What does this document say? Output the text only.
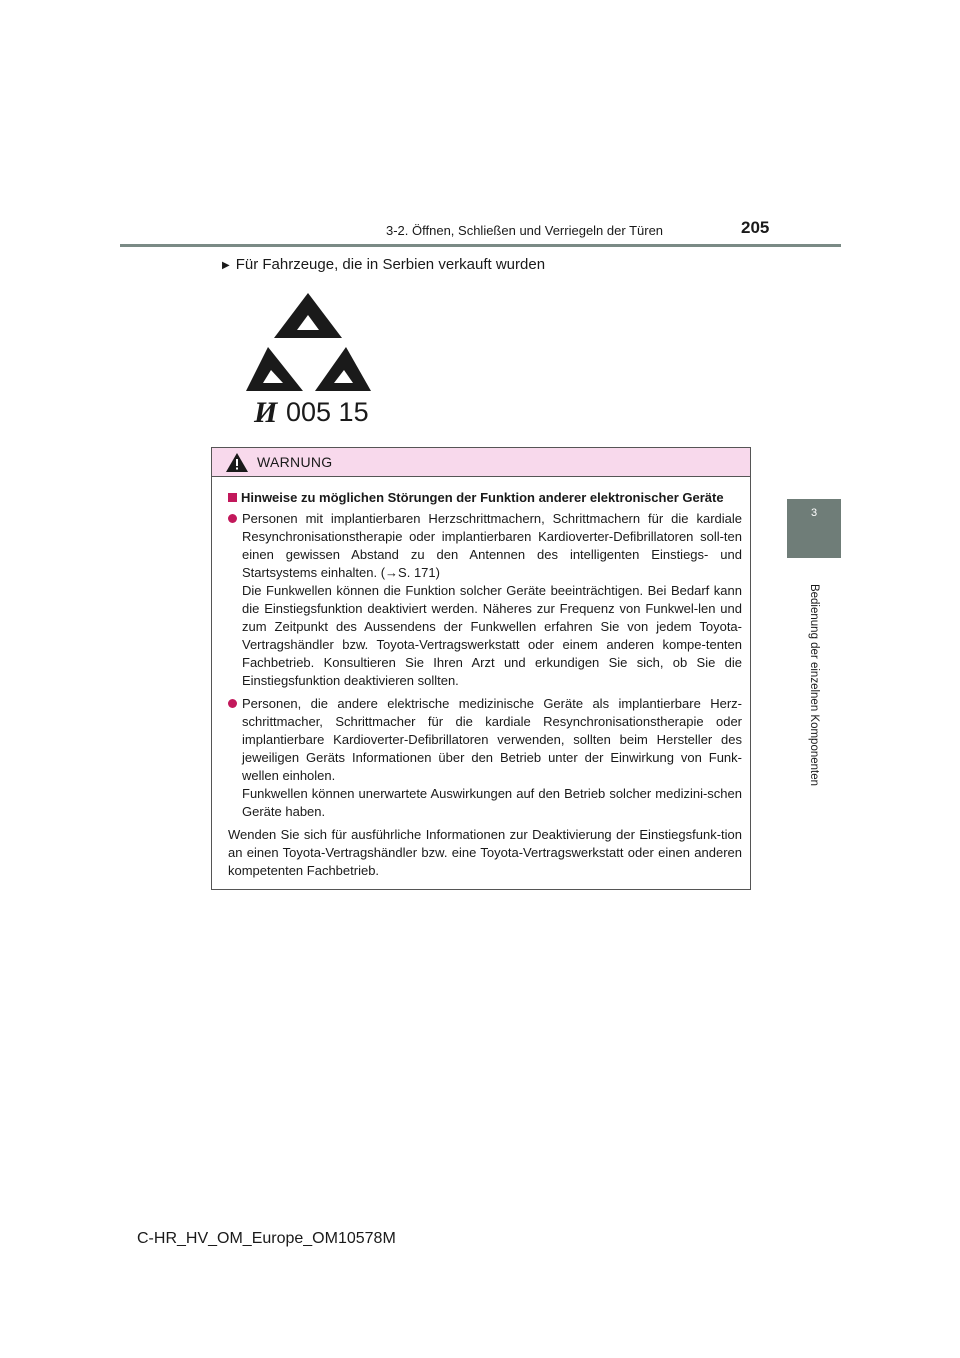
3-2. Öffnen, Schließen und Verriegeln der Türen	205
3
Bedienung der einzelnen Komponenten
▶ Für Fahrzeuge, die in Serbien verkauft wurden
И 005 15
WARNUNG
Hinweise zu möglichen Störungen der Funktion anderer elektronischer Geräte

Personen mit implantierbaren Herzschrittmachern, Schrittmachern für die kardiale Resynchronisationstherapie oder implantierbaren Kardioverter-Defibrillatoren soll-ten einen gewissen Abstand zu den Antennen des intelligenten Einstiegs- und Startsystems einhalten. (→S. 171)

Die Funkwellen können die Funktion solcher Geräte beeinträchtigen. Bei Bedarf kann die Einstiegsfunktion deaktiviert werden. Näheres zur Frequenz von Funkwel-len und zum Zeitpunkt des Aussendens der Funkwellen erfahren Sie von jedem Toyota-Vertragshändler bzw. Toyota-Vertragswerkstatt oder einem anderen kompe-tenten Fachbetrieb. Konsultieren Sie Ihren Arzt und erkundigen Sie sich, ob Sie die Einstiegsfunktion deaktivieren sollten.

Personen, die andere elektrische medizinische Geräte als implantierbare Herz-schrittmacher, Schrittmacher für die kardiale Resynchronisationstherapie oder implantierbare Kardioverter-Defibrillatoren verwenden, sollten beim Hersteller des jeweiligen Geräts Informationen über den Betrieb unter der Einwirkung von Funk-wellen einholen.

Funkwellen können unerwartete Auswirkungen auf den Betrieb solcher medizini-schen Geräte haben.

Wenden Sie sich für ausführliche Informationen zur Deaktivierung der Einstiegsfunk-tion an einen Toyota-Vertragshändler bzw. eine Toyota-Vertragswerkstatt oder einen anderen kompetenten Fachbetrieb.
C-HR_HV_OM_Europe_OM10578M
